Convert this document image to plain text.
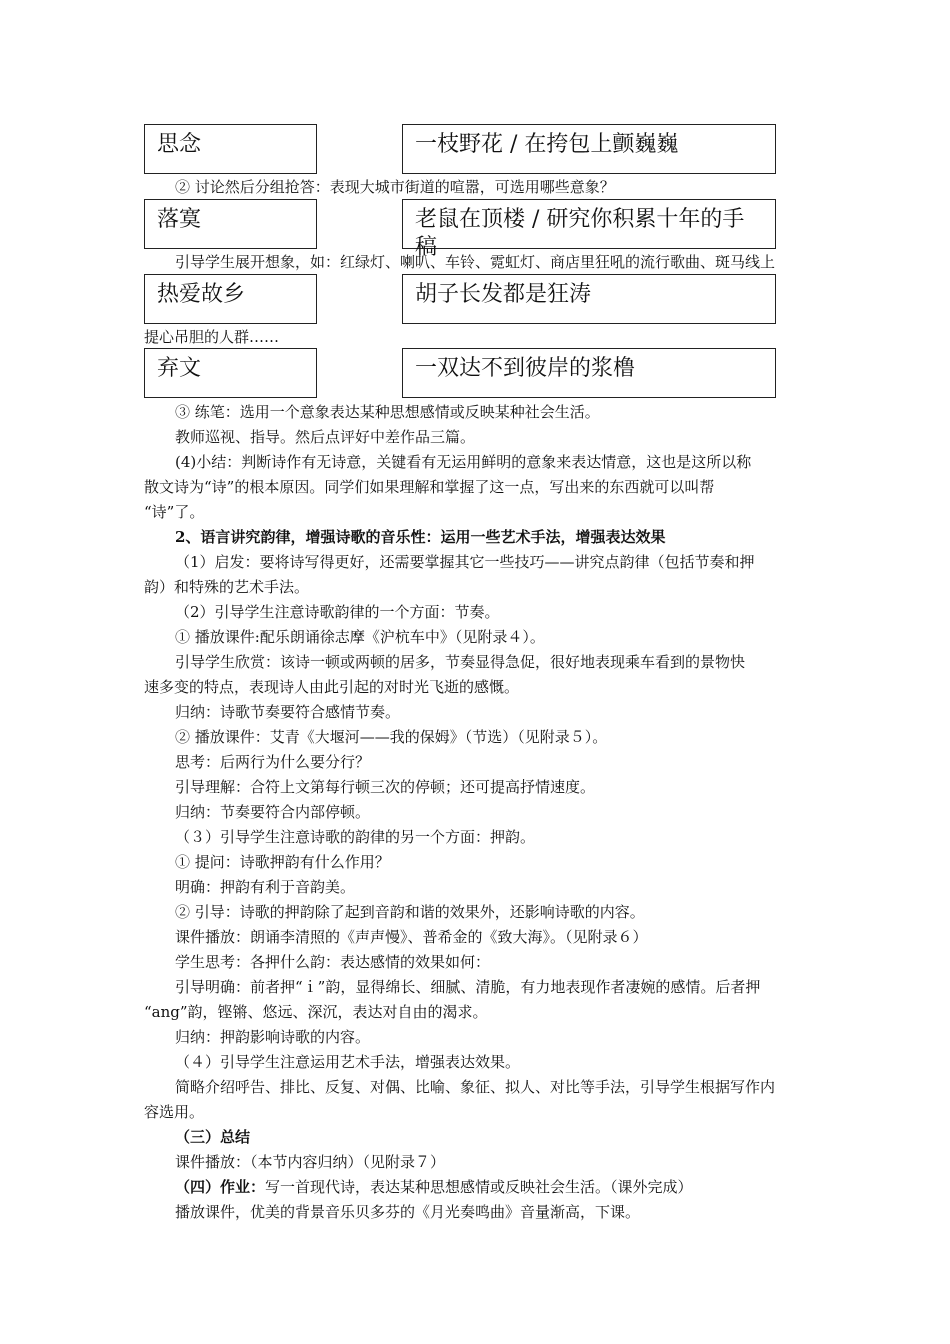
思念	一枝野花 / 在挎包上颤巍巍
② 讨论然后分组抢答：表现大城市街道的喧嚣，可选用哪些意象？
落寞	老鼠在顶楼 / 研究你积累十年的手稿
引导学生展开想象，如：红绿灯、喇叭、车铃、霓虹灯、商店里狂吼的流行歌曲、斑马线上
热爱故乡	胡子长发都是狂涛
提心吊胆的人群……
弃文	一双达不到彼岸的浆橹
③ 练笔：选用一个意象表达某种思想感情或反映某种社会生活。
教师巡视、指导。然后点评好中差作品三篇。
(4)小结：判断诗作有无诗意，关键看有无运用鲜明的意象来表达情意，这也是这所以称
散文诗为“诗”的根本原因。同学们如果理解和掌握了这一点，写出来的东西就可以叫帮
“诗”了。
2、语言讲究韵律，增强诗歌的音乐性：运用一些艺术手法，增强表达效果
（1）启发：要将诗写得更好，还需要掌握其它一些技巧——讲究点韵律（包括节奏和押
韵）和特殊的艺术手法。
（2）引导学生注意诗歌韵律的一个方面：节奏。
① 播放课件:配乐朗诵徐志摩《沪杭车中》（见附录４）。
引导学生欣赏：该诗一顿或两顿的居多，节奏显得急促，很好地表现乘车看到的景物快
速多变的特点，表现诗人由此引起的对时光飞逝的感慨。
归纳：诗歌节奏要符合感情节奏。
② 播放课件：艾青《大堰河——我的保姆》（节选）（见附录５）。
思考：后两行为什么要分行？
引导理解：合符上文第每行顿三次的停顿；还可提高抒情速度。
归纳：节奏要符合内部停顿。
（３）引导学生注意诗歌的韵律的另一个方面：押韵。
① 提问：诗歌押韵有什么作用？
明确：押韵有利于音韵美。
② 引导：诗歌的押韵除了起到音韵和谐的效果外，还影响诗歌的内容。
课件播放：朗诵李清照的《声声慢》、普希金的《致大海》。（见附录６）
学生思考：各押什么韵：表达感情的效果如何：
引导明确：前者押“ｉ”韵，显得绵长、细腻、清脆，有力地表现作者凄婉的感情。后者押
“ang”韵，铿锵、悠远、深沉，表达对自由的渴求。
归纳：押韵影响诗歌的内容。
（４）引导学生注意运用艺术手法，增强表达效果。
简略介绍呼告、排比、反复、对偶、比喻、象征、拟人、对比等手法，引导学生根据写作内
容选用。
（三）总结
课件播放：（本节内容归纳）（见附录７）
（四）作业：写一首现代诗，表达某种思想感情或反映社会生活。（课外完成）
播放课件，优美的背景音乐贝多芬的《月光奏鸣曲》音量渐高，下课。
